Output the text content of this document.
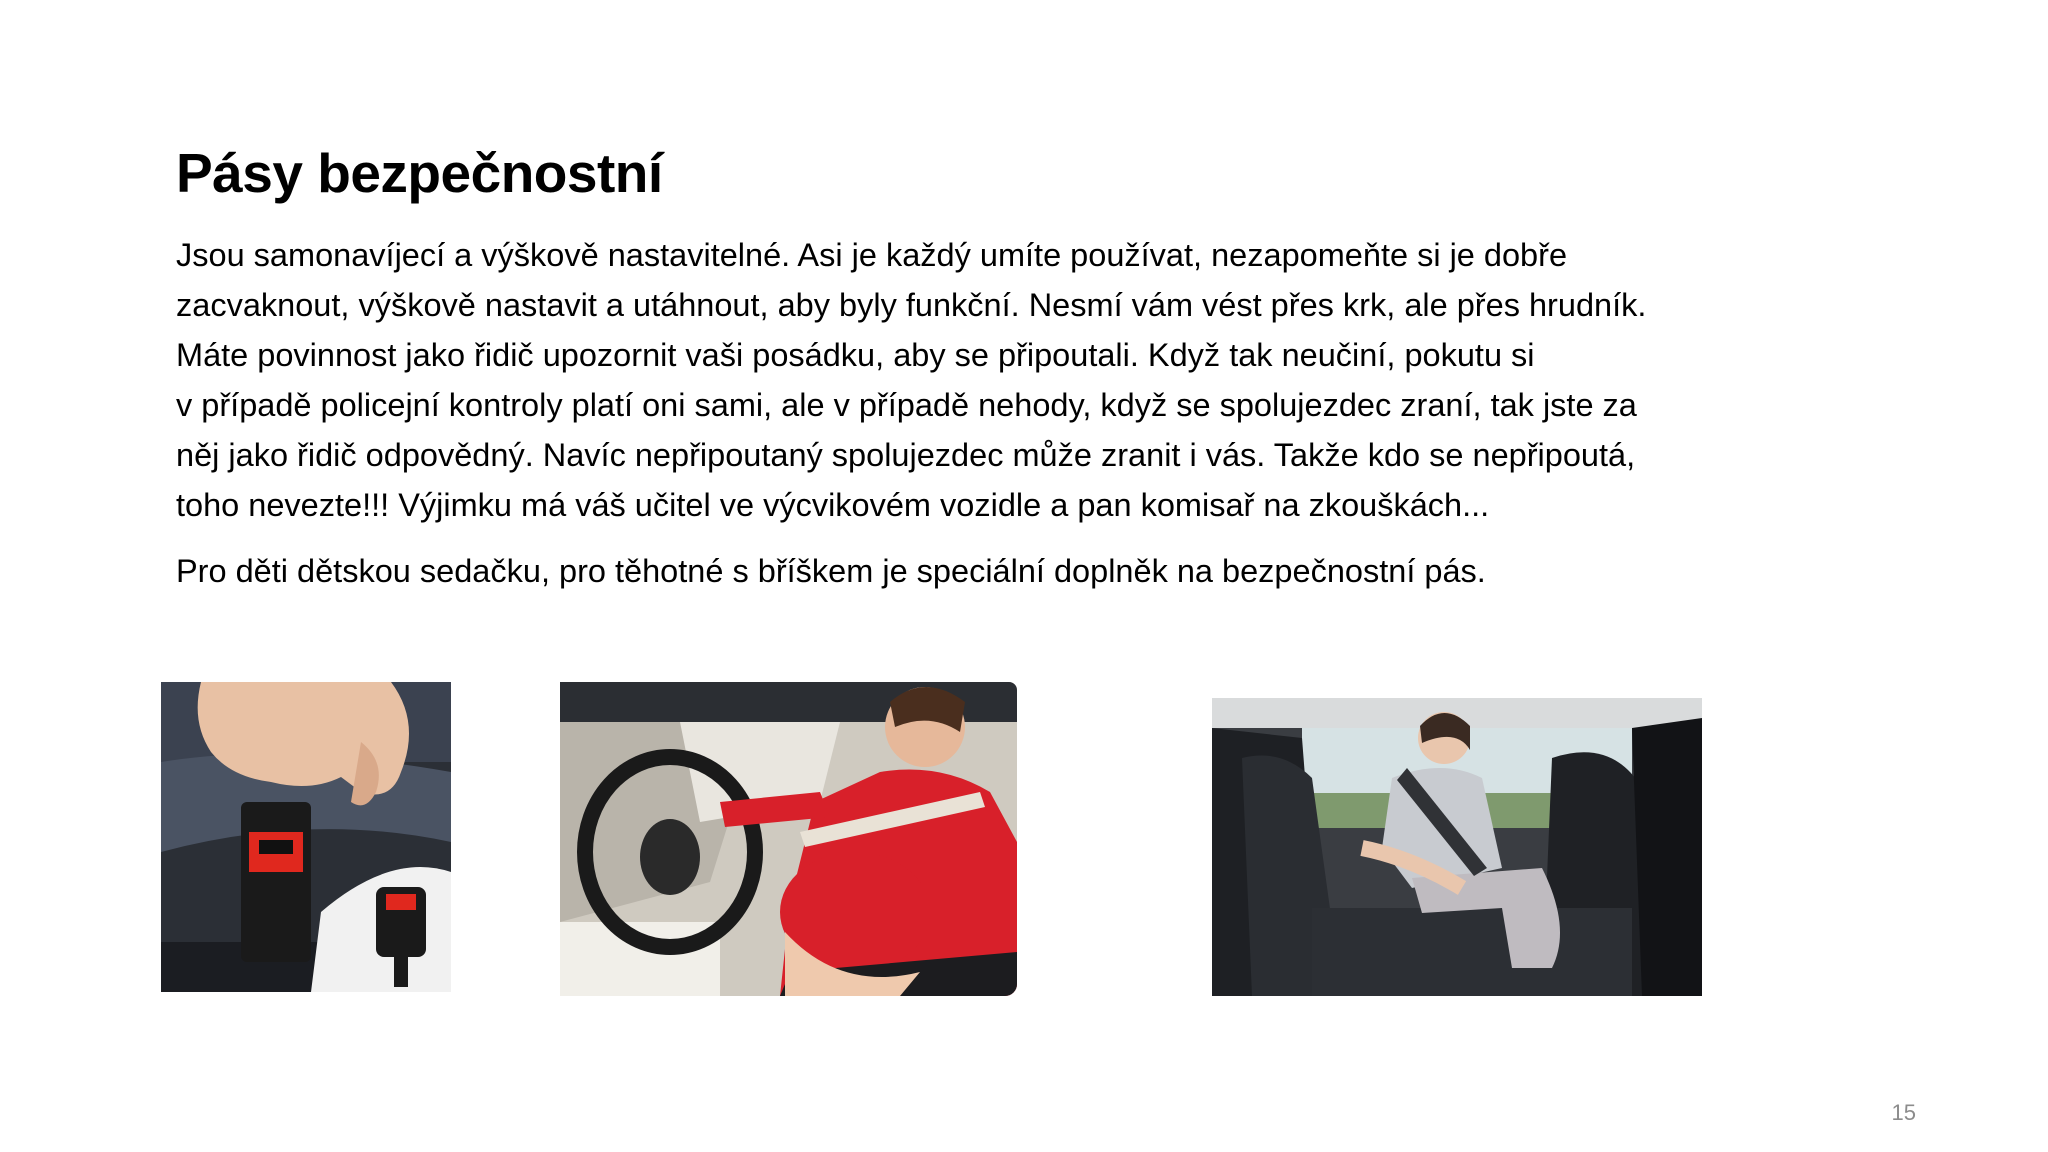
Pásy bezpečnostní

Jsou samonavíjecí a výškově nastavitelné. Asi je každý umíte používat, nezapomeňte si je dobře
zacvaknout, výškově nastavit a utáhnout, aby byly funkční. Nesmí vám vést přes krk, ale přes hrudník.
Máte povinnost jako řidič upozornit vaši posádku, aby se připoutali. Když tak neučiní, pokutu si
v případě policejní kontroly platí oni sami, ale v případě nehody, když se spolujezdec zraní, tak jste za
něj jako řidič odpovědný. Navíc nepřipoutaný spolujezdec může zranit i vás. Takže kdo se nepřipoutá,
toho nevezte!!! Výjimku má váš učitel ve výcvikovém vozidle a pan komisař na zkouškách...

Pro děti dětskou sedačku, pro těhotné s bříškem je speciální doplněk na bezpečnostní pás.

15
